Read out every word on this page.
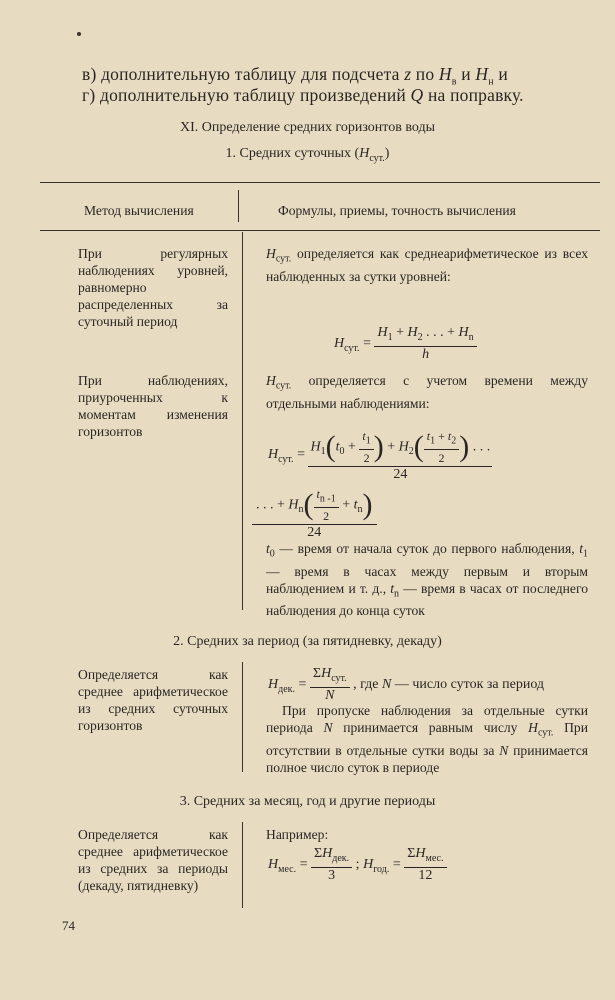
в) дополнительную таблицу для подсчета z по $H_в$ и $H_н$ и
г) дополнительную таблицу произведений Q на поправку.
XI. Определение средних горизонтов воды
1. Средних суточных $(H_{сут.})$
Метод вычисления	Формулы, приемы, точность вычисления
При регулярных наблюдениях уровней, равномерно распределенных за суточный период
$H_{сут.}$ определяется как среднеарифметическое из всех наблюденных за сутки уровней:
$H_{сут.} = \frac{H_1 + H_2 . . . + H_n}{h}$
При наблюдениях, приуроченных к моментам изменения горизонтов
$H_{сут.}$ определяется с учетом времени между отдельными наблюдениями:
$H_{сут.} = \frac{H_1(t_0 + \frac{t_1}{2} ) + H_2( \frac{t_1 + t_2}{2} ) . . .}{24}$
$\frac{. . . + H_n( \frac{t_{n -1}}{2} + t_n)}{24}$
$t_0$ — время от начала суток до первого наблюдения, $t_1$ — время в часах между первым и вторым наблюдением и т. д., $t_n$ — время в часах от последнего наблюдения до конца суток
2. Средних за период (за пятидневку, декаду)
Определяется как среднее арифметическое из средних суточных горизонтов
$H_{дек.} = \frac{\Sigma H_{сут.}}{N}$ , где N — число суток за период
При пропуске наблюдения за отдельные сутки периода N принимается равным числу $H_{сут.}$ При отсутствии в отдельные сутки воды за N принимается полное число суток в периоде
3. Средних за месяц, год и другие периоды
Определяется как среднее арифметическое из средних за периоды (декаду, пятидневку)
Например:
$H_{мес.} = \frac{\Sigma H_{дек.}}{3}$ ; $H_{год.} = \frac{\Sigma H_{мес.}}{12}$
74
